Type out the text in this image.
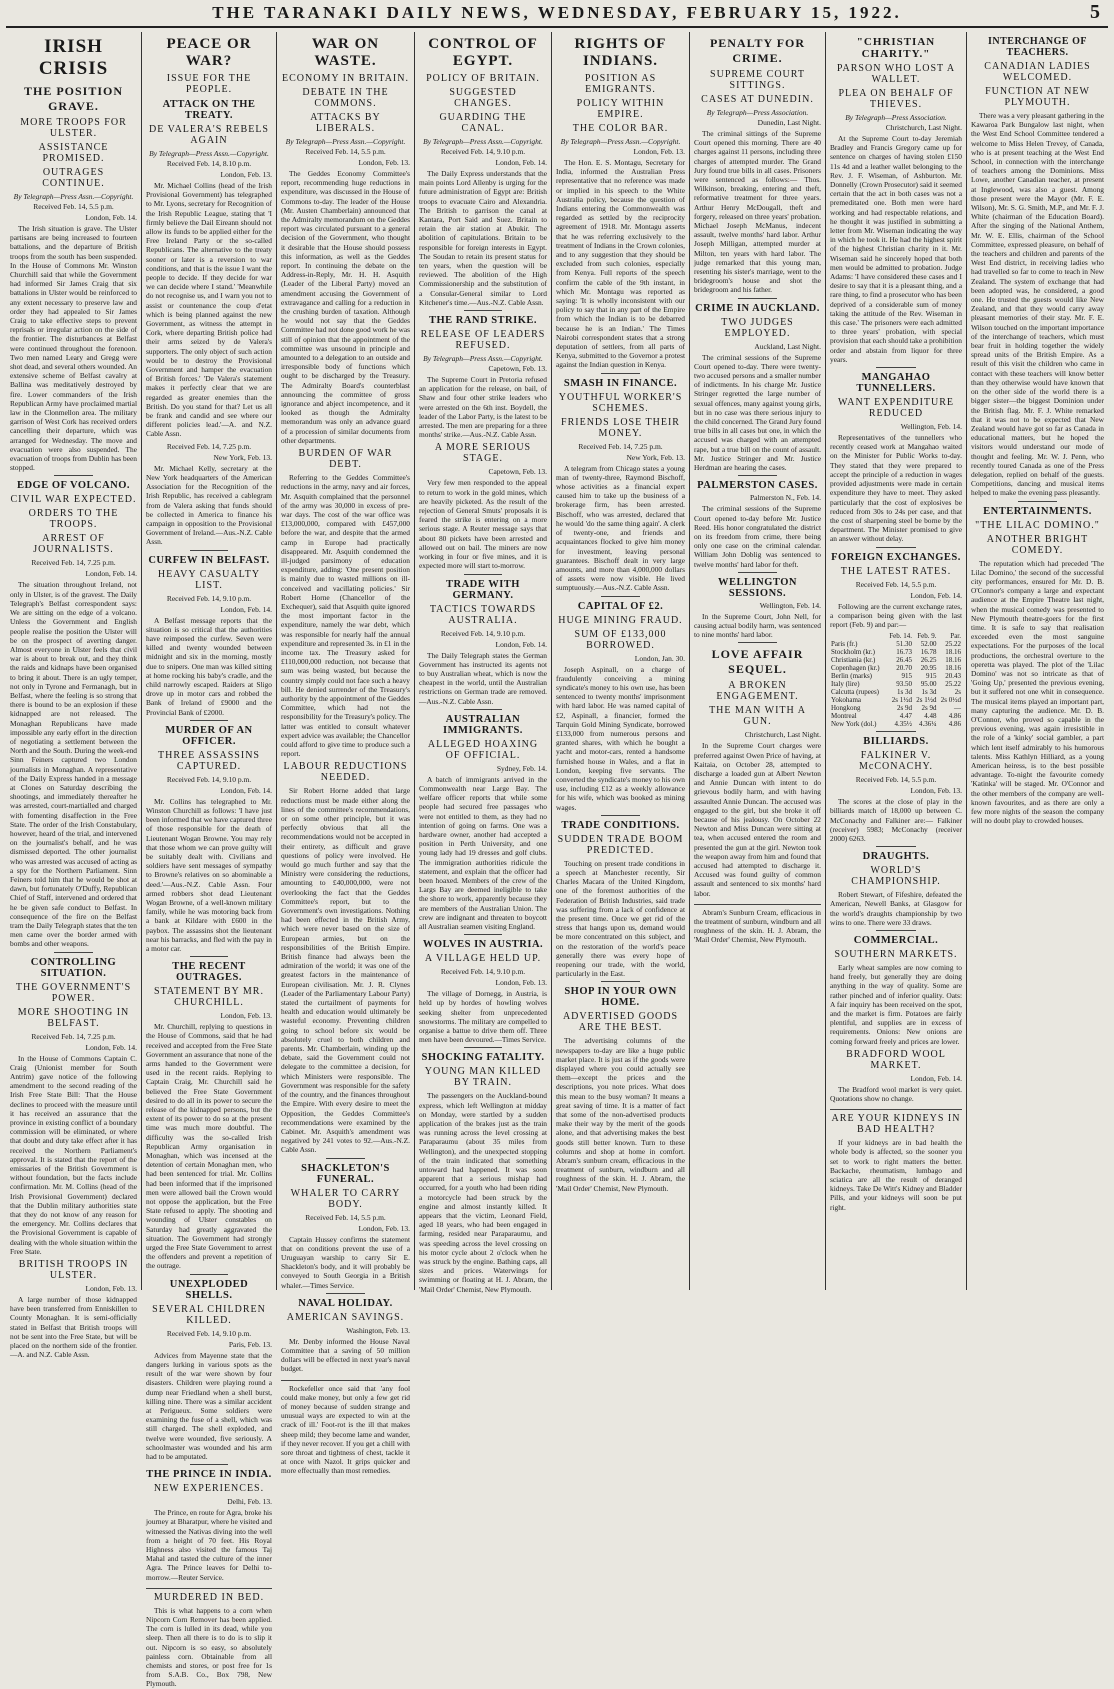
THE TARANAKI DAILY NEWS, WEDNESDAY, FEBRUARY 15, 1922.	5

IRISH CRISIS

THE POSITION GRAVE.

MORE TROOPS FOR ULSTER.

ASSISTANCE PROMISED.

OUTRAGES CONTINUE.

By Telegraph—Press Assn.—Copyright.

Received Feb. 14, 5.5 p.m.

London, Feb. 14.

The Irish situation is grave. The Ulster partisans are being increased to fourteen battalions, and the departure of British troops from the south has been suspended. In the House of Commons Mr. Winston Churchill said that while the Government had informed Sir James Craig that six battalions in Ulster would be reinforced to any extent necessary to preserve law and order they had appealed to Sir James Craig to take effective steps to prevent reprisals or irregular action on the side of the frontier. The disturbances at Belfast were continued throughout the forenoon. Two men named Leary and Gregg were shot dead, and several others wounded. An extensive scheme of Belfast cavalry at Ballina was meditatively destroyed by fire. Lower commanders of the Irish Republican Army have proclaimed martial law in the Clonmellon area. The military garrison of West Cork has received orders cancelling their departure, which was arranged for Wednesday. The move and evacuation were also suspended. The evacuation of troops from Dublin has been stopped.

EDGE OF VOLCANO.

CIVIL WAR EXPECTED.

ORDERS TO THE TROOPS.

ARREST OF JOURNALISTS.

Received Feb. 14, 7.25 p.m.

London, Feb. 14.

The situation throughout Ireland, not only in Ulster, is of the gravest. The Daily Telegraph's Belfast correspondent says: We are sitting on the edge of a volcano. Unless the Government and English people realise the position the Ulster will be on the prospect of averting danger. Almost everyone in Ulster feels that civil war is about to break out, and they think the raids and kidnaps have been organised to bring it about. There is an ugly temper, not only in Tyrone and Fermanagh, but in Belfast, where the feeling is so strong that there is bound to be an explosion if these kidnapped are not released. The Monaghan Republicans have made impossible any early effort in the direction of negotiating a settlement between the North and the South. During the week-end Sinn Feiners captured two London journalists in Monaghan. A representative of the Daily Express handed in a message at Clones on Saturday describing the shootings, and immediately thereafter he was arrested, court-martialled and charged with fomenting disaffection in the Free State. The order of the Irish Constabulary, however, heard of the trial, and intervened on the journalist's behalf, and he was dismissed deported. The other journalist who was arrested was accused of acting as a spy for the Northern Parliament. Sinn Feiners told him that he would be shot at dawn, but fortunately O'Duffy, Republican Chief of Staff, intervened and ordered that he be given safe conduct to Belfast. In consequence of the fire on the Belfast tram the Daily Telegraph states that the ten men came over the border armed with bombs and other weapons.

CONTROLLING SITUATION.

THE GOVERNMENT'S POWER.

MORE SHOOTING IN BELFAST.

Received Feb. 14, 7.25 p.m.

London, Feb. 14.

In the House of Commons Captain C. Craig (Unionist member for South Antrim) gave notice of the following amendment to the second reading of the Irish Free State Bill: That the House declines to proceed with the measure until it has received an assurance that the province in existing conflict of a boundary commission will be eliminated, or where that doubt and duty take effect after it has received the Northern Parliament's approval. It is stated that the report of the emissaries of the British Government is without foundation, but the facts include confirmation. Mr. M. Collins (head of the Irish Provisional Government) declared that the Dublin military authorities state that they do not know of any reason for the emergency. Mr. Collins declares that the Provisional Government is capable of dealing with the whole situation within the Free State.

BRITISH TROOPS IN ULSTER.

London, Feb. 13.

A large number of those kidnapped have been transferred from Enniskillen to County Monaghan. It is semi-officially stated in Belfast that British troops will not be sent into the Free State, but will be placed on the northern side of the frontier.—A. and N.Z. Cable Assn.

PEACE OR WAR?

ISSUE FOR THE PEOPLE.

ATTACK ON THE TREATY.

DE VALERA'S REBELS AGAIN

By Telegraph—Press Assn.—Copyright.

Received Feb. 14, 8.10 p.m.

London, Feb. 13.

Mr. Michael Collins (head of the Irish Provisional Government) has telegraphed to Mr. Lyons, secretary for Recognition of the Irish Republic League, stating that 'I firmly believe the Dail Eireann should not allow its funds to be applied either for the Free Ireland Party or the so-called Republicans. The alternative to the treaty sooner or later is a reversion to war conditions, and that is the issue I want the people to decide. If they decide for war we can decide where I stand.' 'Meanwhile do not recognise us, and I warn you not to assist or countenance the coup d'etat which is being planned against the new Government, as witness the attempt in Cork, where departing British police had their arms seized by de Valera's supporters. The only object of such action would be to destroy the Provisional Government and hamper the evacuation of British forces.' 'De Valera's statement makes it perfectly clear that we are regarded as greater enemies than the British. Do you stand for that? Let us all be frank and candid and see where our different policies lead.'—A. and N.Z. Cable Assn.

Received Feb. 14, 7.25 p.m.

New York, Feb. 13.

Mr. Michael Kelly, secretary at the New York headquarters of the American Association for the Recognition of the Irish Republic, has received a cablegram from de Valera asking that funds should be collected in America to finance his campaign in opposition to the Provisional Government of Ireland.—Aus.-N.Z. Cable Assn.

CURFEW IN BELFAST.

HEAVY CASUALTY LIST.

Received Feb. 14, 9.10 p.m.

London, Feb. 14.

A Belfast message reports that the situation is so critical that the authorities have reimposed the curfew. Seven were killed and twenty wounded between midnight and six in the morning, mostly due to snipers. One man was killed sitting at home rocking his baby's cradle, and the child narrowly escaped. Raiders at Sligo drove up in motor cars and robbed the Bank of Ireland of £9000 and the Provincial Bank of £2000.

MURDER OF AN OFFICER.

THREE ASSASSINS CAPTURED.

Received Feb. 14, 9.10 p.m.

London, Feb. 14.

Mr. Collins has telegraphed to Mr. Winston Churchill as follows: 'I have just been informed that we have captured three of those responsible for the death of Lieutenant Wogan Browne. You may rely that those whom we can prove guilty will be suitably dealt with. Civilians and soldiers have sent messages of sympathy to Browne's relatives on so abominable a deed.'—Aus.-N.Z. Cable Assn. Four armed robbers shot dead Lieutenant Wogan Browne, of a well-known military family, while he was motoring back from a bank at Kildare with £600 in the paybox. The assassins shot the lieutenant near his barracks, and fled with the pay in a motor car.

THE RECENT OUTRAGES.

STATEMENT BY MR. CHURCHILL.

London, Feb. 13.

Mr. Churchill, replying to questions in the House of Commons, said that he had received and accepted from the Free State Government an assurance that none of the arms handed to the Government were used in the recent raids. Replying to Captain Craig, Mr. Churchill said he believed the Free State Government desired to do all in its power to secure the release of the kidnapped persons, but the extent of its power to do so at the present time was much more doubtful. The difficulty was the so-called Irish Republican Army organisation in Monaghan, which was incensed at the detention of certain Monaghan men, who had been sentenced for trial. Mr. Collins had been informed that if the imprisoned men were allowed bail the Crown would not oppose the application, but the Free State refused to apply. The shooting and wounding of Ulster constables on Saturday had greatly aggravated the situation. The Government had strongly urged the Free State Government to arrest the offenders and prevent a repetition of the outrage.

UNEXPLODED SHELLS.

SEVERAL CHILDREN KILLED.

Received Feb. 14, 9.10 p.m.

Paris, Feb. 13.

Advices from Mayenne state that the dangers lurking in various spots as the result of the war were shown by four disasters. Children were playing round a dump near Friedland when a shell burst, killing nine. There was a similar accident at Perigueux. Some soldiers were examining the fuse of a shell, which was still charged. The shell exploded, and twelve were wounded, five seriously. A schoolmaster was wounded and his arm had to be amputated.

THE PRINCE IN INDIA.

NEW EXPERIENCES.

Delhi, Feb. 13.

The Prince, en route for Agra, broke his journey at Bharatpur, where he visited and witnessed the Nativas diving into the well from a height of 70 feet. His Royal Highness also visited the famous Taj Mahal and tasted the culture of the inner Agra. The Prince leaves for Delhi to-morrow.—Reuter Service.

MURDERED IN BED.

This is what happens to a corn when Nipcorn Corn Remover has been applied. The corn is lulled in its dead, while you sleep. Then all there is to do is to slip it out. Nipcorn is so easy, so absolutely painless corn. Obtainable from all chemists and stores, or post free for 1s from S.A.B. Co., Box 798, New Plymouth.

WAR ON WASTE.

ECONOMY IN BRITAIN.

DEBATE IN THE COMMONS.

ATTACKS BY LIBERALS.

By Telegraph—Press Assn.—Copyright.

Received Feb. 14, 5.5 p.m.

London, Feb. 13.

The Geddes Economy Committee's report, recommending huge reductions in expenditure, was discussed in the House of Commons to-day. The leader of the House (Mr. Austen Chamberlain) announced that the Admiralty memorandum on the Geddes report was circulated pursuant to a general decision of the Government, who thought it desirable that the House should possess this information, as well as the Geddes report. In continuing the debate on the Address-in-Reply, Mr. H. H. Asquith (Leader of the Liberal Party) moved an amendment accusing the Government of extravagance and calling for a reduction in the crushing burden of taxation. Although he would not say that the Geddes Committee had not done good work he was still of opinion that the appointment of the committee was unsound in principle and amounted to a delegation to an outside and irresponsible body of functions which ought to be discharged by the Treasury. The Admiralty Board's counterblast announcing the committee of gross ignorance and abject incompetence, and it looked as though the Admiralty memorandum was only an advance guard of a procession of similar documents from other departments.

BURDEN OF WAR DEBT.

Referring to the Geddes Committee's reductions in the army, navy and air forces, Mr. Asquith complained that the personnel of the army was 30,000 in excess of pre-war days. The cost of the war office was £13,000,000, compared with £457,000 before the war, and despite that the armed camp in Europe had practically disappeared. Mr. Asquith condemned the ill-judged parsimony of education expenditure, adding: 'One present position is mainly due to wasted millions on ill-conceived and vacillating policies.' Sir Robert Horne (Chancellor of the Exchequer), said that Asquith quite ignored the most important factor in the expenditure, namely the war debt, which was responsible for nearly half the annual expenditure and represented 3s. in £1 in the income tax. The Treasury asked for £110,000,000 reduction, not because that sum was being wasted, but because the country simply could not face such a heavy bill. He denied surrender of the Treasury's authority by the appointment of the Geddes Committee, which had not the responsibility for the Treasury's policy. The latter was entitled to consult whatever expert advice was available; the Chancellor could afford to give time to produce such a report.

LABOUR REDUCTIONS NEEDED.

Sir Robert Horne added that large reductions must be made either along the lines of the committee's recommendations, or on some other principle, but it was perfectly obvious that all the recommendations would not be accepted in their entirety, as difficult and grave questions of policy were involved. He would go much further and say that the Ministry were considering the reductions, amounting to £40,000,000, were not overlooking the fact that the Geddes Committee's report, but to the Government's own investigations. Nothing had been effected in the British Army, which were never based on the size of European armies, but on the responsibilities of the British Empire. British finance had always been the admiration of the world; it was one of the greatest factors in the maintenance of European civilisation. Mr. J. R. Clynes (Leader of the Parliamentary Labour Party) stated the curtailment of payments for health and education would ultimately be wasteful economy. Preventing children going to school before six would be absolutely cruel to both children and parents. Mr. Chamberlain, winding up the debate, said the Government could not delegate to the committee a decision, for which Ministers were responsible. The Government was responsible for the safety of the country, and the finances throughout the Empire. With every desire to meet the Opposition, the Geddes Committee's recommendations were examined by the Cabinet. Mr. Asquith's amendment was negatived by 241 votes to 92.—Aus.-N.Z. Cable Assn.

SHACKLETON'S FUNERAL.

WHALER TO CARRY BODY.

Received Feb. 14, 5.5 p.m.

London, Feb. 13.

Captain Hussey confirms the statement that on conditions prevent the use of a Uruguayan warship to carry Sir E. Shackleton's body, and it will probably be conveyed to South Georgia in a British whaler.—Times Service.

NAVAL HOLIDAY.

AMERICAN SAVINGS.

Washington, Feb. 13.

Mr. Denby informed the House Naval Committee that a saving of 50 million dollars will be effected in next year's naval budget.

Rockefeller once said that 'any fool could make money, but only a few get rid of money because of sudden strange and unusual ways are expected to win at the crack of ill.' Foot-rot is the ill that makes sheep mild; they become lame and wander, if they never recover. If you get a chill with sore throat and tightness of chest, tackle it at once with Nazol. It grips quicker and more effectually than most remedies.

CONTROL OF EGYPT.

POLICY OF BRITAIN.

SUGGESTED CHANGES.

GUARDING THE CANAL.

By Telegraph—Press Assn.—Copyright.

Received Feb. 14, 9.10 p.m.

London, Feb. 14.

The Daily Express understands that the main points Lord Allenby is urging for the future administration of Egypt are: British troops to evacuate Cairo and Alexandria. The British to garrison the canal at Kantara, Port Said and Suez. Britain to retain the air station at Abukir. The abolition of capitulations. Britain to be responsible for foreign interests in Egypt. The Soudan to retain its present status for ten years, when the question will be reviewed. The abolition of the High Commissionership and the substitution of a Consular-General similar to Lord Kitchener's time.—Aus.-N.Z. Cable Assn.

THE RAND STRIKE.

RELEASE OF LEADERS REFUSED.

By Telegraph—Press Assn.—Copyright.

Capetown, Feb. 13.

The Supreme Court in Pretoria refused an application for the release, on bail, of Shaw and four other strike leaders who were arrested on the 6th inst. Boydell, the leader of the Labor Party, is the latest to be arrested. The men are preparing for a three months' strike.—Aus.-N.Z. Cable Assn.

A MORE SERIOUS STAGE.

Capetown, Feb. 13.

Very few men responded to the appeal to return to work in the gold mines, which are heavily picketed. As the result of the rejection of General Smuts' proposals it is feared the strike is entering on a more serious stage. A Reuter message says that about 80 pickets have been arrested and allowed out on bail. The miners are now working in four or five mines, and it is expected more will start to-morrow.

TRADE WITH GERMANY.

TACTICS TOWARDS AUSTRALIA.

Received Feb. 14, 9.10 p.m.

London, Feb. 14.

The Daily Telegraph states the German Government has instructed its agents not to buy Australian wheat, which is now the cheapest in the world, until the Australian restrictions on German trade are removed.—Aus.-N.Z. Cable Assn.

AUSTRALIAN IMMIGRANTS.

ALLEGED HOAXING OF OFFICIAL.

Sydney, Feb. 14.

A batch of immigrants arrived in the Commonwealth near Large Bay. The welfare officer reports that while some people had secured free passages who were not entitled to them, as they had no intention of going on farms. One was a hardware owner, another had accepted a position in Perth University, and one young lady had 19 dresses and golf clubs. The immigration authorities ridicule the statement, and explain that the officer had been hoaxed. Members of the crew of the Largs Bay are deemed ineligible to take the shore to work, apparently because they are members of the Australian Union. The crew are indignant and threaten to boycott all Australian seamen visiting England.

WOLVES IN AUSTRIA.

A VILLAGE HELD UP.

Received Feb. 14, 9.10 p.m.

London, Feb. 13.

The village of Dornegg, in Austria, is held up by hordes of howling wolves seeking shelter from unprecedented snowstorms. The military are compelled to organise a battue to drive them off. Three men have been devoured.—Times Service.

SHOCKING FATALITY.

YOUNG MAN KILLED BY TRAIN.

The passengers on the Auckland-bound express, which left Wellington at midday on Monday, were startled by a sudden application of the brakes just as the train was running across the level crossing at Paraparaumu (about 35 miles from Wellington), and the unexpected stopping of the train indicated that something untoward had happened. It was soon apparent that a serious mishap had occurred, for a youth who had been riding a motorcycle had been struck by the engine and almost instantly killed. It appears that the victim, Leonard Field, aged 18 years, who had been engaged in farming, resided near Paraparaumu, and was speeding across the level crossing on his motor cycle about 2 o'clock when he was struck by the engine. Bathing caps, all sizes and prices. Waterwings for swimming or floating at H. J. Abram, the 'Mail Order' Chemist, New Plymouth.

RIGHTS OF INDIANS.

POSITION AS EMIGRANTS.

POLICY WITHIN EMPIRE.

THE COLOR BAR.

By Telegraph—Press Assn.—Copyright.

London, Feb. 13.

The Hon. E. S. Montagu, Secretary for India, informed the Australian Press representative that no reference was made or implied in his speech to the White Australia policy, because the question of Indians entering the Commonwealth was regarded as settled by the reciprocity agreement of 1918. Mr. Montagu asserts that he was referring exclusively to the treatment of Indians in the Crown colonies, and to any suggestion that they should be excluded from such colonies, especially from Kenya. Full reports of the speech confirm the cable of the 9th instant, in which Mr. Montagu was reported as saying: 'It is wholly inconsistent with our policy to say that in any part of the Empire from which the Indian is to be debarred because he is an Indian.' The Times Nairobi correspondent states that a strong deputation of settlers, from all parts of Kenya, submitted to the Governor a protest against the Indian question in Kenya.

SMASH IN FINANCE.

YOUTHFUL WORKER'S SCHEMES.

FRIENDS LOSE THEIR MONEY.

Received Feb. 14, 7.25 p.m.

New York, Feb. 13.

A telegram from Chicago states a young man of twenty-three, Raymond Bischoff, whose activities as a financial expert caused him to take up the business of a brokerage firm, has been arrested. Bischoff, who was arrested, declared that he would 'do the same thing again'. A clerk of twenty-one, and friends and acquaintances flocked to give him money for investment, leaving personal guarantees. Bischoff dealt in very large amounts, and more than 4,000,000 dollars of assets were now visible. He lived sumptuously.—Aus.-N.Z. Cable Assn.

CAPITAL OF £2.

HUGE MINING FRAUD.

SUM OF £133,000 BORROWED.

London, Jan. 30.

Joseph Aspinall, on a charge of fraudulently conceiving a mining syndicate's money to his own use, has been sentenced to twenty months' imprisonment with hard labor. He was named capital of £2, Aspinall, a financier, formed the Tarquin Gold Mining Syndicate, borrowed £133,000 from numerous persons and granted shares, with which he bought a yacht and motor-cars, rented a handsome furnished house in Wales, and a flat in London, keeping five servants. The converted the syndicate's money to his own use, including £12 as a weekly allowance for his wife, which was booked as mining wages.

TRADE CONDITIONS.

SUDDEN TRADE BOOM PREDICTED.

Touching on present trade conditions in a speech at Manchester recently, Sir Charles Macara of the United Kingdom, one of the foremost authorities of the Federation of British Industries, said trade was suffering from a lack of confidence at the present time. Once we get rid of the stress that hangs upon us, demand would be more concentrated on this subject, and on the restoration of the world's peace generally there was every hope of reopening our trade, with the world, particularly in the East.

SHOP IN YOUR OWN HOME.

ADVERTISED GOODS ARE THE BEST.

The advertising columns of the newspapers to-day are like a huge public market place. It is just as if the goods were displayed where you could actually see them—except the prices and the descriptions, you note prices. What does this mean to the busy woman? It means a great saving of time. It is a matter of fact that some of the non-advertised products make their way by the merit of the goods alone, and that advertising makes the best goods still better known. Turn to these columns and shop at home in comfort. Abram's sunburn cream, efficacious in the treatment of sunburn, windburn and all roughness of the skin. H. J. Abram, the 'Mail Order' Chemist, New Plymouth.

PENALTY FOR CRIME.

SUPREME COURT SITTINGS.

CASES AT DUNEDIN.

By Telegraph—Press Association.

Dunedin, Last Night.

The criminal sittings of the Supreme Court opened this morning. There are 40 charges against 11 persons, including three charges of attempted murder. The Grand Jury found true bills in all cases. Prisoners were sentenced as follows:— Thos. Wilkinson, breaking, entering and theft, reformative treatment for three years. Arthur Henry McDougall, theft and forgery, released on three years' probation. Michael Joseph McManus, indecent assault, twelve months' hard labor. Arthur Joseph Milligan, attempted murder at Milton, ten years with hard labor. The judge remarked that this young man, resenting his sister's marriage, went to the bridegroom's house and shot the bridegroom and his father.

CRIME IN AUCKLAND.

TWO JUDGES EMPLOYED.

Auckland, Last Night.

The criminal sessions of the Supreme Court opened to-day. There were twenty-two accused persons and a smaller number of indictments. In his charge Mr. Justice Stringer regretted the large number of sexual offences, many against young girls, but in no case was there serious injury to the child concerned. The Grand Jury found true bills in all cases but one, in which the accused was charged with an attempted rape, but a true bill on the count of assault. Mr. Justice Stringer and Mr. Justice Herdman are hearing the cases.

PALMERSTON CASES.

Palmerston N., Feb. 14.

The criminal sessions of the Supreme Court opened to-day before Mr. Justice Reed. His honor congratulated the district on its freedom from crime, there being only one case on the criminal calendar. William John Doblig was sentenced to twelve months' hard labor for theft.

WELLINGTON SESSIONS.

Wellington, Feb. 14.

In the Supreme Court, John Nell, for causing actual bodily harm, was sentenced to nine months' hard labor.

LOVE AFFAIR SEQUEL.

A BROKEN ENGAGEMENT.

THE MAN WITH A GUN.

Christchurch, Last Night.

In the Supreme Court charges were preferred against Owen Price of having, at Kaitaia, on October 28, attempted to discharge a loaded gun at Albert Newton and Annie Duncan with intent to do grievous bodily harm, and with having assaulted Annie Duncan. The accused was engaged to the girl, but she broke it off because of his jealousy. On October 22 Newton and Miss Duncan were sitting at tea, when accused entered the room and presented the gun at the girl. Newton took the weapon away from him and found that accused had attempted to discharge it. Accused was found guilty of common assault and sentenced to six months' hard labor.

Abram's Sunburn Cream, efficacious in the treatment of sunburn, windburn and all roughness of the skin. H. J. Abram, the 'Mail Order' Chemist, New Plymouth.

"CHRISTIAN CHARITY."

PARSON WHO LOST A WALLET.

PLEA ON BEHALF OF THIEVES.

By Telegraph—Press Association.

Christchurch, Last Night.

At the Supreme Court to-day Jeremiah Bradley and Francis Gregory came up for sentence on charges of having stolen £150 11s 4d and a leather wallet belonging to the Rev. J. F. Wiseman, of Ashburton. Mr. Donnelly (Crown Prosecutor) said it seemed certain that the act in both cases was not a premeditated one. Both men were hard working and had respectable relations, and he thought it was justified in submitting a letter from Mr. Wiseman indicating the way in which he took it. He had the highest spirit of the highest Christian charity in it. Mr. Wiseman said he sincerely hoped that both men would be admitted to probation. Judge Adams: 'I have considered these cases and I desire to say that it is a pleasant thing, and a rare thing, to find a prosecutor who has been deprived of a considerable sum of money taking the attitude of the Rev. Wiseman in this case.' The prisoners were each admitted to three years' probation, with special provision that each should take a prohibition order and abstain from liquor for three years.

MANGAHAO TUNNELLERS.

WANT EXPENDITURE REDUCED

Wellington, Feb. 14.

Representatives of the tunnellers who recently ceased work at Mangahao waited on the Minister for Public Works to-day. They stated that they were prepared to accept the principle of a reduction in wages provided adjustments were made in certain expenditure they have to meet. They asked particularly that the cost of explosives be reduced from 30s to 24s per case, and that the cost of sharpening steel be borne by the department. The Minister promised to give an answer without delay.

FOREIGN EXCHANGES.

THE LATEST RATES.

Received Feb. 14, 5.5 p.m.

London, Feb. 14.

Following are the current exchange rates, a comparison being given with the last report (Feb. 9) and par:—

	Feb. 14.	Feb. 9.	Par.
Paris (fr.)	51.30	52.00	25.22
Stockholm (kr.)	16.73	16.78	18.16
Christiania (kr.)	26.45	26.25	18.16
Copenhagen (kr.)	20.70	20.95	18.16
Berlin (marks)	915	915	20.43
Italy (lire)	93.50	95.00	25.22
Calcutta (rupees)	1s 3d	1s 3d	2s
Yokohama	2s 1½d	2s 1½d	2s 0½d
Hongkong	2s 9d	2s 9d	—
Montreal	4.47	4.48	4.86
New York (dol.)	4.35½	4.36¼	4.86

BILLIARDS.

FALKINER V. McCONACHY.

Received Feb. 14, 5.5 p.m.

London, Feb. 13.

The scores at the close of play in the billiards match of 18,000 up between C. McConachy and Falkiner are:— Falkiner (receiver) 5983; McConachy (receiver 2000) 6263.

DRAUGHTS.

WORLD'S CHAMPIONSHIP.

Robert Stewart, of Fifeshire, defeated the American, Newell Banks, at Glasgow for the world's draughts championship by two wins to one. There were 33 draws.

COMMERCIAL.

SOUTHERN MARKETS.

Early wheat samples are now coming to hand freely, but generally they are doing anything in the way of quality. Some are rather pinched and of inferior quality. Oats: A fair inquiry has been received on the spot, and the market is firm. Potatoes are fairly plentiful, and supplies are in excess of requirements. Onions: New onions are coming forward freely and prices are lower.

BRADFORD WOOL MARKET.

London, Feb. 14.

The Bradford wool market is very quiet. Quotations show no change.

ARE YOUR KIDNEYS IN BAD HEALTH?

If your kidneys are in bad health the whole body is affected, so the sooner you set to work to right matters the better. Backache, rheumatism, lumbago and sciatica are all the result of deranged kidneys. Take De Witt's Kidney and Bladder Pills, and your kidneys will soon be put right.

INTERCHANGE OF TEACHERS.

CANADIAN LADIES WELCOMED.

FUNCTION AT NEW PLYMOUTH.

There was a very pleasant gathering in the Kawaroa Park Bungalow last night, when the West End School Committee tendered a welcome to Miss Helen Trevey, of Canada, who is at present teaching at the West End School, in connection with the interchange of teachers among the Dominions. Miss Lowe, another Canadian teacher, at present at Inglewood, was also a guest. Among those present were the Mayor (Mr. F. E. Wilson), Mr. S. G. Smith, M.P., and Mr. F. J. White (chairman of the Education Board). After the singing of the National Anthem, Mr. W. E. Ellis, chairman of the School Committee, expressed pleasure, on behalf of the teachers and children and parents of the West End district, in receiving ladies who had travelled so far to come to teach in New Zealand. The system of exchange that had been adopted was, he considered, a good one. He trusted the guests would like New Zealand, and that they would carry away pleasant memories of their stay. Mr. F. E. Wilson touched on the important importance of the interchange of teachers, which must bear fruit in holding together the widely spread units of the British Empire. As a result of this visit the children who came in contact with these teachers will know better than they otherwise would have known that on the other side of the world there is a bigger sister—the biggest Dominion under the British flag. Mr. F. J. White remarked that it was not to be expected that New Zealand would have got so far as Canada in educational matters, but he hoped the visitors would understand our mode of thought and feeling. Mr. W. J. Penn, who recently toured Canada as one of the Press delegation, replied on behalf of the guests. Competitions, dancing and musical items helped to make the evening pass pleasantly.

ENTERTAINMENTS.

"THE LILAC DOMINO."

ANOTHER BRIGHT COMEDY.

The reputation which had preceded 'The Lilac Domino,' the second of the successful city performances, ensured for Mr. D. B. O'Connor's company a large and expectant audience at the Empire Theatre last night, when the musical comedy was presented to New Plymouth theatre-goers for the first time. It is safe to say that realisation exceeded even the most sanguine expectations. For the purposes of the local productions, the orchestral overture to the operetta was played. The plot of the 'Lilac Domino' was not so intricate as that of 'Going Up,' presented the previous evening, but it suffered not one whit in consequence. The musical items played an important part, many capturing the audience. Mr. D. B. O'Connor, who proved so capable in the previous evening, was again irresistible in the role of a 'kinky' social gambler, a part which lent itself admirably to his humorous talents. Miss Kathlyn Hilliard, as a young American heiress, is to the best possible advantage. To-night the favourite comedy 'Katinka' will be staged. Mr. O'Connor and the other members of the company are well-known favourites, and as there are only a few more nights of the season the company will no doubt play to crowded houses.
